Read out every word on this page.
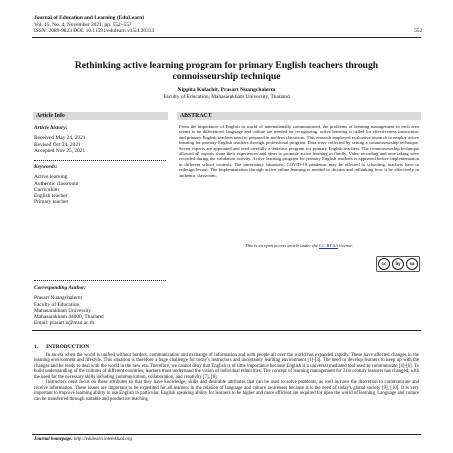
Journal of Education and Learning (EduLearn)
Vol. 15, No. 4, November 2021, pp. 552~557
ISSN: 2089-9823 DOI: 10.11591/edulearn.v15i4.20313	552
Rethinking active learning program for primary English teachers through connoisseurship technique
Nippita Kulachit, Prasart Nuangchalerm
Faculty of Education, Mahasarakham University, Thailand
Article Info	ABSTRACT
Article history:
Received May 24, 2021
Revised Oct 24, 2021
Accepted Nov 25, 2021
Keywords:
Active learning
Authentic classroom
Curriculum
English teacher
Primary teacher
From the importance of English in world of internationally communicated, the problems of learning management in each area seems to be differenced, language and culture are needed for recognizing, active learning is called for effectiveness instruction, and primary English teachers need to prepared in modern classroom. This research employed evaluative research to employ active learning for primary English teachers through professional program. Data were collected by setting a connoisseurship technique. Seven experts are appointed and read carefully a tentative program for primary English teachers. The connoisseurship technique allowed all experts share their experiences and ideas to promote active learning in fluidly. Video recording and note taking were recorded during the validation activity. Active learning program for primary English teachers is approved before implementation in different school contexts. The uncertainty situations, COVID-19 pandemic may be effected to schooling, teachers have to redesign lesson. The implementation through active online learning is needed to discuss and rethinking how it be effectively in authentic classroom.
This is an open access article under the CC BY-SA license.
cc	by	sa
Corresponding Author:
Prasart Nuangchalerm
Faculty of Education
Mahasarakham University
Mahasarakham 44000, Thailand
Email: prasart.n@msu.ac.th
1.      INTRODUCTION

In an era when the world is unified without borders, communication and exchange of information and with people all over the world has expanded rapidly. These have affected changes in the learning environment and lifestyle. This situation is therefore a huge challenge for today's instructors and uncertainty learning environment [1]-[3]. The need to develop learners to keep up with the changes and be ready to deal with the world in the new era. Therefore, we cannot deny that English is of little importance because English is a universal mediated tool used to communicate [4]-[6]. To build understanding of the cultures of different countries, learners must understand the vision of individual ethnicities. The concept of learning management for 21st century learners has changed, with the need for the necessary skills including communication, collaboration, and creativity [7], [8].

Instructors must focus on these attributes so that they have knowledge, skills and desirable attributes that can be used to solve problems, as well as have the discretion to communicate and receive information. These issues are important to be expedited for all learners in the relation of language and culture awareness because it is the need of today's global society [9], [10]. It is very important to improve learning ability to use English in particular. English speaking ability for learners to be higher and more efficient are required for open the world of learning. Language and culture can be transferred through suitable and productive teaching

Journal homepage: http://edulearn.intelektual.org
